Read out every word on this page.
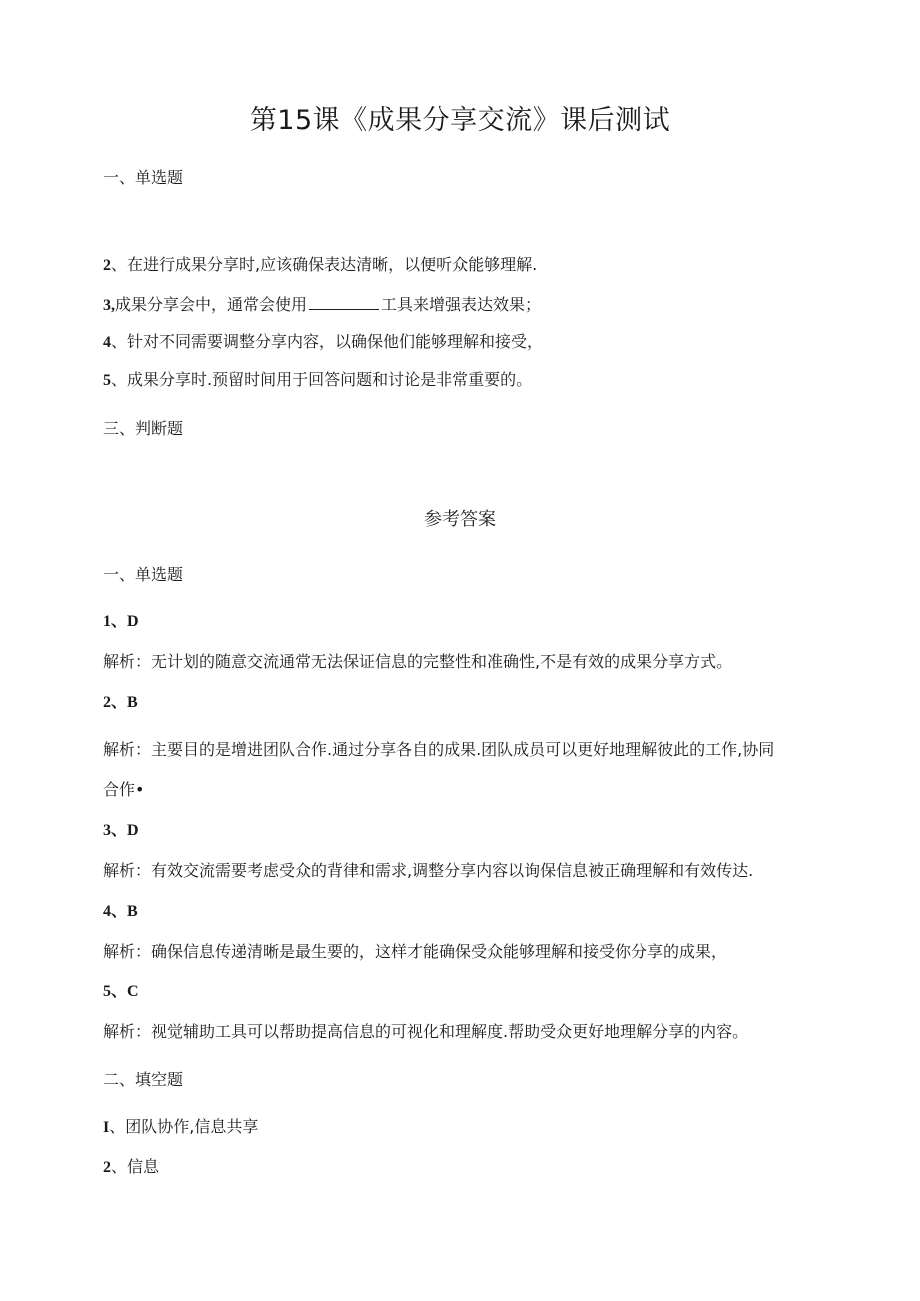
第15课《成果分享交流》课后测试
一、单选题
2、在进行成果分享时,应该确保表达清晰，以便听众能够理解.
3,成果分享会中，通常会使用	工具来增强表达效果；
4、针对不同需要调整分享内容，以确保他们能够理解和接受，
5、成果分享时.预留时间用于回答问题和讨论是非常重要的。
三、判断题
参考答案
一、单选题
1、D
解析：无计划的随意交流通常无法保证信息的完整性和准确性,不是有效的成果分享方式。
2、B
解析：主要目的是增进团队合作.通过分享各自的成果.团队成员可以更好地理解彼此的工作,协同
合作•
3、D
解析：有效交流需要考虑受众的背律和需求,调整分享内容以询保信息被正确理解和有效传达.
4、B
解析：确保信息传递清晰是最生要的，这样才能确保受众能够理解和接受你分享的成果，
5、C
解析：视觉辅助工具可以帮助提高信息的可视化和理解度.帮助受众更好地理解分享的内容。
二、填空题
I、团队协作,信息共享
2、信息
